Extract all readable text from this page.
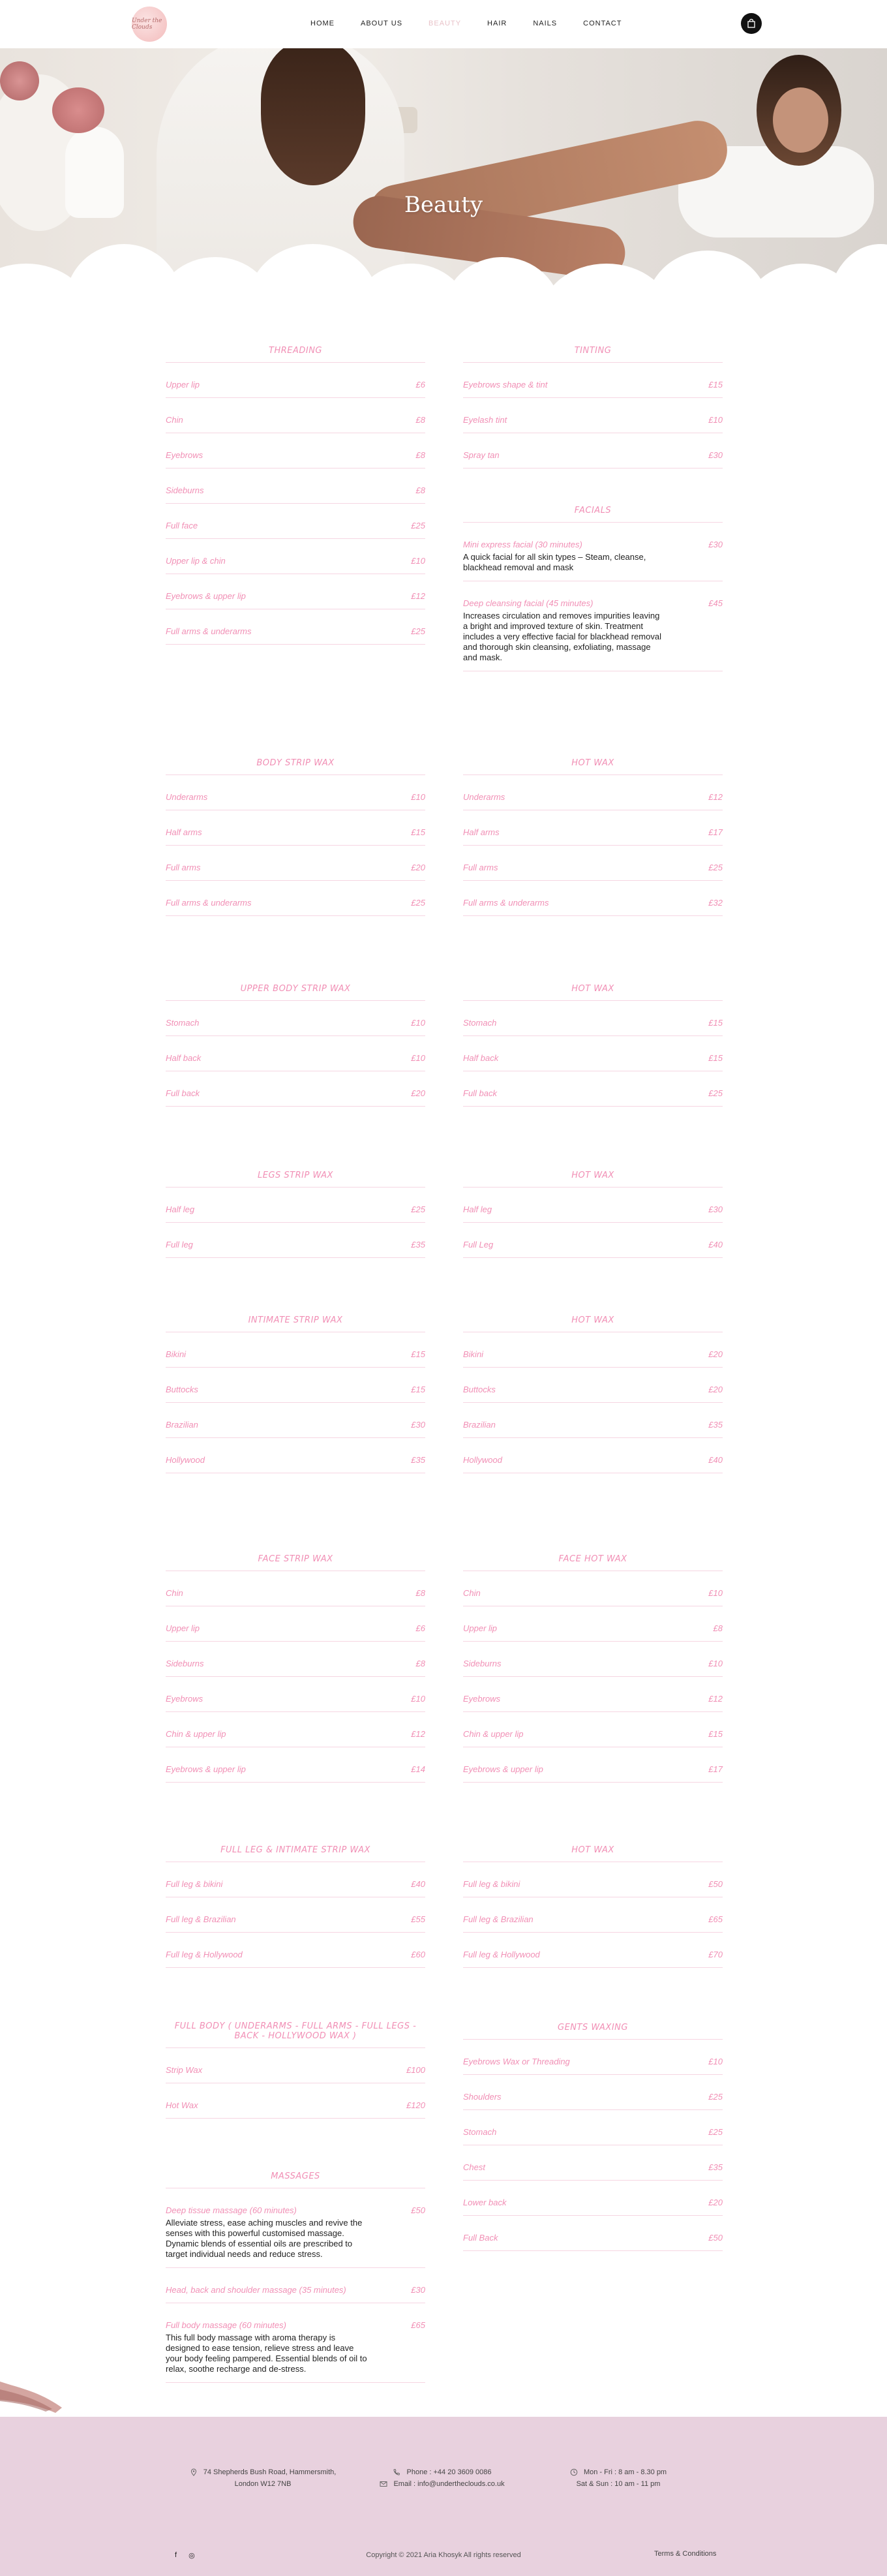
Under the Clouds	HOME	ABOUT US	BEAUTY	HAIR	NAILS	CONTACT
Beauty
THREADING
Upper lip	£6
Chin	£8
Eyebrows	£8
Sideburns	£8
Full face	£25
Upper lip & chin	£10
Eyebrows & upper lip	£12
Full arms & underarms	£25
TINTING
Eyebrows shape & tint	£15
Eyelash tint	£10
Spray tan	£30
FACIALS
Mini express facial (30 minutes)	£30
A quick facial for all skin types – Steam, cleanse, blackhead removal and mask
Deep cleansing facial (45 minutes)	£45
Increases circulation and removes impurities leaving a bright and improved texture of skin. Treatment includes a very effective facial for blackhead removal and thorough skin cleansing, exfoliating, massage and mask.
BODY STRIP WAX
Underarms	£10
Half arms	£15
Full arms	£20
Full arms & underarms	£25
HOT WAX
Underarms	£12
Half arms	£17
Full arms	£25
Full arms & underarms	£32
UPPER BODY STRIP WAX
Stomach	£10
Half back	£10
Full back	£20
HOT WAX
Stomach	£15
Half back	£15
Full back	£25
LEGS STRIP WAX
Half leg	£25
Full leg	£35
HOT WAX
Half leg	£30
Full Leg	£40
INTIMATE STRIP WAX
Bikini	£15
Buttocks	£15
Brazilian	£30
Hollywood	£35
HOT WAX
Bikini	£20
Buttocks	£20
Brazilian	£35
Hollywood	£40
FACE STRIP WAX
Chin	£8
Upper lip	£6
Sideburns	£8
Eyebrows	£10
Chin & upper lip	£12
Eyebrows & upper lip	£14
FACE HOT WAX
Chin	£10
Upper lip	£8
Sideburns	£10
Eyebrows	£12
Chin & upper lip	£15
Eyebrows & upper lip	£17
FULL LEG & INTIMATE STRIP WAX
Full leg & bikini	£40
Full leg & Brazilian	£55
Full leg & Hollywood	£60
HOT WAX
Full leg & bikini	£50
Full leg & Brazilian	£65
Full leg & Hollywood	£70
FULL BODY ( UNDERARMS - FULL ARMS - FULL LEGS - BACK - HOLLYWOOD WAX )
Strip Wax	£100
Hot Wax	£120
GENTS WAXING
Eyebrows Wax or Threading	£10
Shoulders	£25
Stomach	£25
Chest	£35
Lower back	£20
Full Back	£50
MASSAGES
Deep tissue massage (60 minutes)	£50
Alleviate stress, ease aching muscles and revive the senses with this powerful customised massage. Dynamic blends of essential oils are prescribed to target individual needs and reduce stress.
Head, back and shoulder massage (35 minutes)	£30
Full body massage (60 minutes)	£65
This full body massage with aroma therapy is designed to ease tension, relieve stress and leave your body feeling pampered. Essential blends of oil to relax, soothe recharge and de-stress.
74 Shepherds Bush Road, Hammersmith,
London W12 7NB
Phone : +44 20 3609 0086
Email : info@undertheclouds.co.uk
Mon - Fri : 8 am - 8.30 pm
Sat & Sun : 10 am - 11 pm
f ◎	Copyright © 2021 Aria Khosyk All rights reserved	Terms & Conditions
